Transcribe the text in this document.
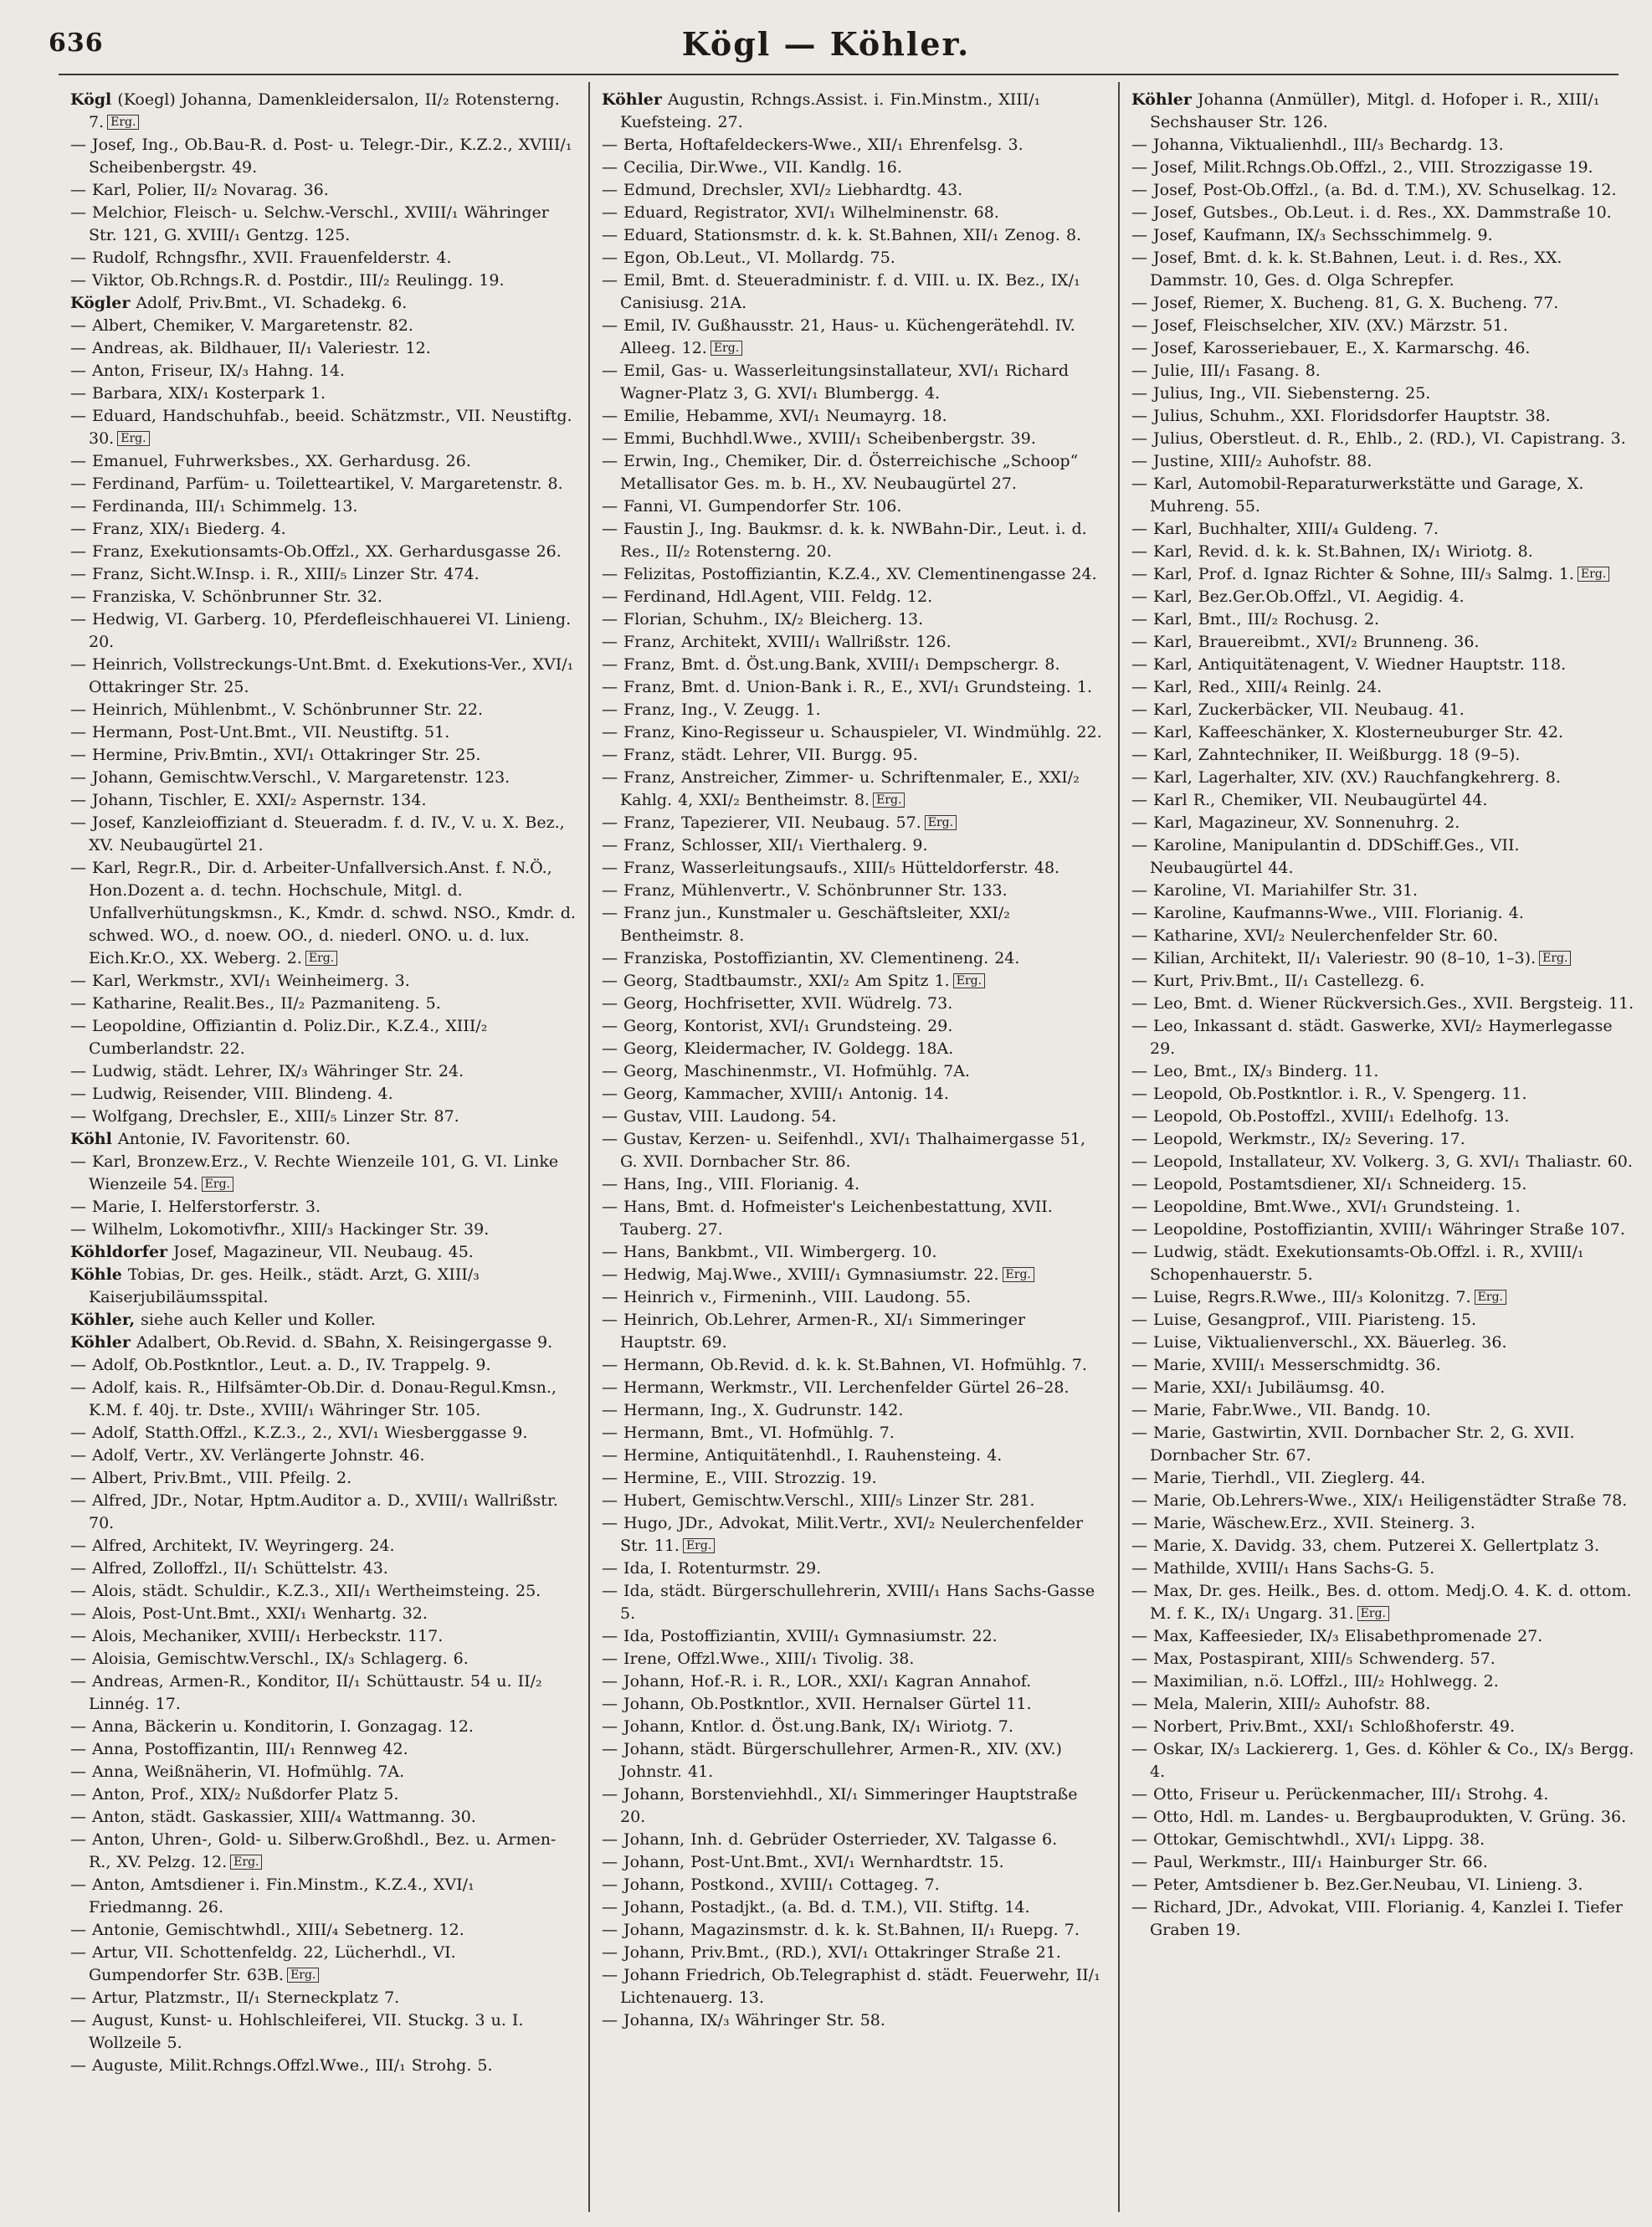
636	Kögl — Köhler.

Kögl (Koegl) Johanna, Damenkleidersalon, II/₂ Rotensterng. 7. Erg.

— Josef, Ing., Ob.Bau-R. d. Post- u. Telegr.-Dir., K.Z.2., XVIII/₁ Scheibenbergstr. 49.

— Karl, Polier, II/₂ Novarag. 36.

— Melchior, Fleisch- u. Selchw.-Verschl., XVIII/₁ Währinger Str. 121, G. XVIII/₁ Gentzg. 125.

— Rudolf, Rchngsfhr., XVII. Frauenfelderstr. 4.

— Viktor, Ob.Rchngs.R. d. Postdir., III/₂ Reulingg. 19.

Kögler Adolf, Priv.Bmt., VI. Schadekg. 6.

— Albert, Chemiker, V. Margaretenstr. 82.

— Andreas, ak. Bildhauer, II/₁ Valeriestr. 12.

— Anton, Friseur, IX/₃ Hahng. 14.

— Barbara, XIX/₁ Kosterpark 1.

— Eduard, Handschuhfab., beeid. Schätzmstr., VII. Neustiftg. 30. Erg.

— Emanuel, Fuhrwerksbes., XX. Gerhardusg. 26.

— Ferdinand, Parfüm- u. Toiletteartikel, V. Margaretenstr. 8.

— Ferdinanda, III/₁ Schimmelg. 13.

— Franz, XIX/₁ Biederg. 4.

— Franz, Exekutionsamts-Ob.Offzl., XX. Gerhardusgasse 26.

— Franz, Sicht.W.Insp. i. R., XIII/₅ Linzer Str. 474.

— Franziska, V. Schönbrunner Str. 32.

— Hedwig, VI. Garberg. 10, Pferdefleischhauerei VI. Linieng. 20.

— Heinrich, Vollstreckungs-Unt.Bmt. d. Exekutions-Ver., XVI/₁ Ottakringer Str. 25.

— Heinrich, Mühlenbmt., V. Schönbrunner Str. 22.

— Hermann, Post-Unt.Bmt., VII. Neustiftg. 51.

— Hermine, Priv.Bmtin., XVI/₁ Ottakringer Str. 25.

— Johann, Gemischtw.Verschl., V. Margaretenstr. 123.

— Johann, Tischler, E. XXI/₂ Aspernstr. 134.

— Josef, Kanzleioffiziant d. Steueradm. f. d. IV., V. u. X. Bez., XV. Neubaugürtel 21.

— Karl, Regr.R., Dir. d. Arbeiter-Unfallversich.Anst. f. N.Ö., Hon.Dozent a. d. techn. Hochschule, Mitgl. d. Unfallverhütungskmsn., K., Kmdr. d. schwd. NSO., Kmdr. d. schwed. WO., d. noew. OO., d. niederl. ONO. u. d. lux. Eich.Kr.O., XX. Weberg. 2. Erg.

— Karl, Werkmstr., XVI/₁ Weinheimerg. 3.

— Katharine, Realit.Bes., II/₂ Pazmaniteng. 5.

— Leopoldine, Offiziantin d. Poliz.Dir., K.Z.4., XIII/₂ Cumberlandstr. 22.

— Ludwig, städt. Lehrer, IX/₃ Währinger Str. 24.

— Ludwig, Reisender, VIII. Blindeng. 4.

— Wolfgang, Drechsler, E., XIII/₅ Linzer Str. 87.

Köhl Antonie, IV. Favoritenstr. 60.

— Karl, Bronzew.Erz., V. Rechte Wienzeile 101, G. VI. Linke Wienzeile 54. Erg.

— Marie, I. Helferstorferstr. 3.

— Wilhelm, Lokomotivfhr., XIII/₃ Hackinger Str. 39.

Köhldorfer Josef, Magazineur, VII. Neubaug. 45.

Köhle Tobias, Dr. ges. Heilk., städt. Arzt, G. XIII/₃ Kaiserjubiläumsspital.

Köhler, siehe auch Keller und Koller.

Köhler Adalbert, Ob.Revid. d. SBahn, X. Reisingergasse 9.

— Adolf, Ob.Postkntlor., Leut. a. D., IV. Trappelg. 9.

— Adolf, kais. R., Hilfsämter-Ob.Dir. d. Donau-Regul.Kmsn., K.M. f. 40j. tr. Dste., XVIII/₁ Währinger Str. 105.

— Adolf, Statth.Offzl., K.Z.3., 2., XVI/₁ Wiesberggasse 9.

— Adolf, Vertr., XV. Verlängerte Johnstr. 46.

— Albert, Priv.Bmt., VIII. Pfeilg. 2.

— Alfred, JDr., Notar, Hptm.Auditor a. D., XVIII/₁ Wallrißstr. 70.

— Alfred, Architekt, IV. Weyringerg. 24.

— Alfred, Zolloffzl., II/₁ Schüttelstr. 43.

— Alois, städt. Schuldir., K.Z.3., XII/₁ Wertheimsteing. 25.

— Alois, Post-Unt.Bmt., XXI/₁ Wenhartg. 32.

— Alois, Mechaniker, XVIII/₁ Herbeckstr. 117.

— Aloisia, Gemischtw.Verschl., IX/₃ Schlagerg. 6.

— Andreas, Armen-R., Konditor, II/₁ Schüttaustr. 54 u. II/₂ Linnég. 17.

— Anna, Bäckerin u. Konditorin, I. Gonzagag. 12.

— Anna, Postoffizantin, III/₁ Rennweg 42.

— Anna, Weißnäherin, VI. Hofmühlg. 7A.

— Anton, Prof., XIX/₂ Nußdorfer Platz 5.

— Anton, städt. Gaskassier, XIII/₄ Wattmanng. 30.

— Anton, Uhren-, Gold- u. Silberw.Großhdl., Bez. u. Armen-R., XV. Pelzg. 12. Erg.

— Anton, Amtsdiener i. Fin.Minstm., K.Z.4., XVI/₁ Friedmanng. 26.

— Antonie, Gemischtwhdl., XIII/₄ Sebetnerg. 12.

— Artur, VII. Schottenfeldg. 22, Lücherhdl., VI. Gumpendorfer Str. 63B. Erg.

— Artur, Platzmstr., II/₁ Sterneckplatz 7.

— August, Kunst- u. Hohlschleiferei, VII. Stuckg. 3 u. I. Wollzeile 5.

— Auguste, Milit.Rchngs.Offzl.Wwe., III/₁ Strohg. 5.

Köhler Augustin, Rchngs.Assist. i. Fin.Minstm., XIII/₁ Kuefsteing. 27.

— Berta, Hoftafeldeckers-Wwe., XII/₁ Ehrenfelsg. 3.

— Cecilia, Dir.Wwe., VII. Kandlg. 16.

— Edmund, Drechsler, XVI/₂ Liebhardtg. 43.

— Eduard, Registrator, XVI/₁ Wilhelminenstr. 68.

— Eduard, Stationsmstr. d. k. k. St.Bahnen, XII/₁ Zenog. 8.

— Egon, Ob.Leut., VI. Mollardg. 75.

— Emil, Bmt. d. Steueradministr. f. d. VIII. u. IX. Bez., IX/₁ Canisiusg. 21A.

— Emil, IV. Gußhausstr. 21, Haus- u. Küchengerätehdl. IV. Alleeg. 12. Erg.

— Emil, Gas- u. Wasserleitungsinstallateur, XVI/₁ Richard Wagner-Platz 3, G. XVI/₁ Blumbergg. 4.

— Emilie, Hebamme, XVI/₁ Neumayrg. 18.

— Emmi, Buchhdl.Wwe., XVIII/₁ Scheibenbergstr. 39.

— Erwin, Ing., Chemiker, Dir. d. Österreichische „Schoop“ Metallisator Ges. m. b. H., XV. Neubaugürtel 27.

— Fanni, VI. Gumpendorfer Str. 106.

— Faustin J., Ing. Baukmsr. d. k. k. NWBahn-Dir., Leut. i. d. Res., II/₂ Rotensterng. 20.

— Felizitas, Postoffiziantin, K.Z.4., XV. Clementinengasse 24.

— Ferdinand, Hdl.Agent, VIII. Feldg. 12.

— Florian, Schuhm., IX/₂ Bleicherg. 13.

— Franz, Architekt, XVIII/₁ Wallrißstr. 126.

— Franz, Bmt. d. Öst.ung.Bank, XVIII/₁ Dempschergr. 8.

— Franz, Bmt. d. Union-Bank i. R., E., XVI/₁ Grundsteing. 1.

— Franz, Ing., V. Zeugg. 1.

— Franz, Kino-Regisseur u. Schauspieler, VI. Windmühlg. 22.

— Franz, städt. Lehrer, VII. Burgg. 95.

— Franz, Anstreicher, Zimmer- u. Schriftenmaler, E., XXI/₂ Kahlg. 4, XXI/₂ Bentheimstr. 8. Erg.

— Franz, Tapezierer, VII. Neubaug. 57. Erg.

— Franz, Schlosser, XII/₁ Vierthalerg. 9.

— Franz, Wasserleitungsaufs., XIII/₅ Hütteldorferstr. 48.

— Franz, Mühlenvertr., V. Schönbrunner Str. 133.

— Franz jun., Kunstmaler u. Geschäftsleiter, XXI/₂ Bentheimstr. 8.

— Franziska, Postoffiziantin, XV. Clementineng. 24.

— Georg, Stadtbaumstr., XXI/₂ Am Spitz 1. Erg.

— Georg, Hochfrisetter, XVII. Wüdrelg. 73.

— Georg, Kontorist, XVI/₁ Grundsteing. 29.

— Georg, Kleidermacher, IV. Goldegg. 18A.

— Georg, Maschinenmstr., VI. Hofmühlg. 7A.

— Georg, Kammacher, XVIII/₁ Antonig. 14.

— Gustav, VIII. Laudong. 54.

— Gustav, Kerzen- u. Seifenhdl., XVI/₁ Thalhaimergasse 51, G. XVII. Dornbacher Str. 86.

— Hans, Ing., VIII. Florianig. 4.

— Hans, Bmt. d. Hofmeister's Leichenbestattung, XVII. Tauberg. 27.

— Hans, Bankbmt., VII. Wimbergerg. 10.

— Hedwig, Maj.Wwe., XVIII/₁ Gymnasiumstr. 22. Erg.

— Heinrich v., Firmeninh., VIII. Laudong. 55.

— Heinrich, Ob.Lehrer, Armen-R., XI/₁ Simmeringer Hauptstr. 69.

— Hermann, Ob.Revid. d. k. k. St.Bahnen, VI. Hofmühlg. 7.

— Hermann, Werkmstr., VII. Lerchenfelder Gürtel 26–28.

— Hermann, Ing., X. Gudrunstr. 142.

— Hermann, Bmt., VI. Hofmühlg. 7.

— Hermine, Antiquitätenhdl., I. Rauhensteing. 4.

— Hermine, E., VIII. Strozzig. 19.

— Hubert, Gemischtw.Verschl., XIII/₅ Linzer Str. 281.

— Hugo, JDr., Advokat, Milit.Vertr., XVI/₂ Neulerchenfelder Str. 11. Erg.

— Ida, I. Rotenturmstr. 29.

— Ida, städt. Bürgerschullehrerin, XVIII/₁ Hans Sachs-Gasse 5.

— Ida, Postoffiziantin, XVIII/₁ Gymnasiumstr. 22.

— Irene, Offzl.Wwe., XIII/₁ Tivolig. 38.

— Johann, Hof.-R. i. R., LOR., XXI/₁ Kagran Annahof.

— Johann, Ob.Postkntlor., XVII. Hernalser Gürtel 11.

— Johann, Kntlor. d. Öst.ung.Bank, IX/₁ Wiriotg. 7.

— Johann, städt. Bürgerschullehrer, Armen-R., XIV. (XV.) Johnstr. 41.

— Johann, Borstenviehhdl., XI/₁ Simmeringer Hauptstraße 20.

— Johann, Inh. d. Gebrüder Osterrieder, XV. Talgasse 6.

— Johann, Post-Unt.Bmt., XVI/₁ Wernhardtstr. 15.

— Johann, Postkond., XVIII/₁ Cottageg. 7.

— Johann, Postadjkt., (a. Bd. d. T.M.), VII. Stiftg. 14.

— Johann, Magazinsmstr. d. k. k. St.Bahnen, II/₁ Ruepg. 7.

— Johann, Priv.Bmt., (RD.), XVI/₁ Ottakringer Straße 21.

— Johann Friedrich, Ob.Telegraphist d. städt. Feuerwehr, II/₁ Lichtenauerg. 13.

— Johanna, IX/₃ Währinger Str. 58.

Köhler Johanna (Anmüller), Mitgl. d. Hofoper i. R., XIII/₁ Sechshauser Str. 126.

— Johanna, Viktualienhdl., III/₃ Bechardg. 13.

— Josef, Milit.Rchngs.Ob.Offzl., 2., VIII. Strozzigasse 19.

— Josef, Post-Ob.Offzl., (a. Bd. d. T.M.), XV. Schuselkag. 12.

— Josef, Gutsbes., Ob.Leut. i. d. Res., XX. Dammstraße 10.

— Josef, Kaufmann, IX/₃ Sechsschimmelg. 9.

— Josef, Bmt. d. k. k. St.Bahnen, Leut. i. d. Res., XX. Dammstr. 10, Ges. d. Olga Schrepfer.

— Josef, Riemer, X. Bucheng. 81, G. X. Bucheng. 77.

— Josef, Fleischselcher, XIV. (XV.) Märzstr. 51.

— Josef, Karosseriebauer, E., X. Karmarschg. 46.

— Julie, III/₁ Fasang. 8.

— Julius, Ing., VII. Siebensterng. 25.

— Julius, Schuhm., XXI. Floridsdorfer Hauptstr. 38.

— Julius, Oberstleut. d. R., Ehlb., 2. (RD.), VI. Capistrang. 3.

— Justine, XIII/₂ Auhofstr. 88.

— Karl, Automobil-Reparaturwerkstätte und Garage, X. Muhreng. 55.

— Karl, Buchhalter, XIII/₄ Guldeng. 7.

— Karl, Revid. d. k. k. St.Bahnen, IX/₁ Wiriotg. 8.

— Karl, Prof. d. Ignaz Richter & Sohne, III/₃ Salmg. 1. Erg.

— Karl, Bez.Ger.Ob.Offzl., VI. Aegidig. 4.

— Karl, Bmt., III/₂ Rochusg. 2.

— Karl, Brauereibmt., XVI/₂ Brunneng. 36.

— Karl, Antiquitätenagent, V. Wiedner Hauptstr. 118.

— Karl, Red., XIII/₄ Reinlg. 24.

— Karl, Zuckerbäcker, VII. Neubaug. 41.

— Karl, Kaffeeschänker, X. Klosterneuburger Str. 42.

— Karl, Zahntechniker, II. Weißburgg. 18 (9–5).

— Karl, Lagerhalter, XIV. (XV.) Rauchfangkehrerg. 8.

— Karl R., Chemiker, VII. Neubaugürtel 44.

— Karl, Magazineur, XV. Sonnenuhrg. 2.

— Karoline, Manipulantin d. DDSchiff.Ges., VII. Neubaugürtel 44.

— Karoline, VI. Mariahilfer Str. 31.

— Karoline, Kaufmanns-Wwe., VIII. Florianig. 4.

— Katharine, XVI/₂ Neulerchenfelder Str. 60.

— Kilian, Architekt, II/₁ Valeriestr. 90 (8–10, 1–3). Erg.

— Kurt, Priv.Bmt., II/₁ Castellezg. 6.

— Leo, Bmt. d. Wiener Rückversich.Ges., XVII. Bergsteig. 11.

— Leo, Inkassant d. städt. Gaswerke, XVI/₂ Haymerlegasse 29.

— Leo, Bmt., IX/₃ Binderg. 11.

— Leopold, Ob.Postkntlor. i. R., V. Spengerg. 11.

— Leopold, Ob.Postoffzl., XVIII/₁ Edelhofg. 13.

— Leopold, Werkmstr., IX/₂ Severing. 17.

— Leopold, Installateur, XV. Volkerg. 3, G. XVI/₁ Thaliastr. 60.

— Leopold, Postamtsdiener, XI/₁ Schneiderg. 15.

— Leopoldine, Bmt.Wwe., XVI/₁ Grundsteing. 1.

— Leopoldine, Postoffiziantin, XVIII/₁ Währinger Straße 107.

— Ludwig, städt. Exekutionsamts-Ob.Offzl. i. R., XVIII/₁ Schopenhauerstr. 5.

— Luise, Regrs.R.Wwe., III/₃ Kolonitzg. 7. Erg.

— Luise, Gesangprof., VIII. Piaristeng. 15.

— Luise, Viktualienverschl., XX. Bäuerleg. 36.

— Marie, XVIII/₁ Messerschmidtg. 36.

— Marie, XXI/₁ Jubiläumsg. 40.

— Marie, Fabr.Wwe., VII. Bandg. 10.

— Marie, Gastwirtin, XVII. Dornbacher Str. 2, G. XVII. Dornbacher Str. 67.

— Marie, Tierhdl., VII. Zieglerg. 44.

— Marie, Ob.Lehrers-Wwe., XIX/₁ Heiligenstädter Straße 78.

— Marie, Wäschew.Erz., XVII. Steinerg. 3.

— Marie, X. Davidg. 33, chem. Putzerei X. Gellertplatz 3.

— Mathilde, XVIII/₁ Hans Sachs-G. 5.

— Max, Dr. ges. Heilk., Bes. d. ottom. Medj.O. 4. K. d. ottom. M. f. K., IX/₁ Ungarg. 31. Erg.

— Max, Kaffeesieder, IX/₃ Elisabethpromenade 27.

— Max, Postaspirant, XIII/₅ Schwenderg. 57.

— Maximilian, n.ö. LOffzl., III/₂ Hohlwegg. 2.

— Mela, Malerin, XIII/₂ Auhofstr. 88.

— Norbert, Priv.Bmt., XXI/₁ Schloßhoferstr. 49.

— Oskar, IX/₃ Lackiererg. 1, Ges. d. Köhler & Co., IX/₃ Bergg. 4.

— Otto, Friseur u. Perückenmacher, III/₁ Strohg. 4.

— Otto, Hdl. m. Landes- u. Bergbauprodukten, V. Grüng. 36.

— Ottokar, Gemischtwhdl., XVI/₁ Lippg. 38.

— Paul, Werkmstr., III/₁ Hainburger Str. 66.

— Peter, Amtsdiener b. Bez.Ger.Neubau, VI. Linieng. 3.

— Richard, JDr., Advokat, VIII. Florianig. 4, Kanzlei I. Tiefer Graben 19.
